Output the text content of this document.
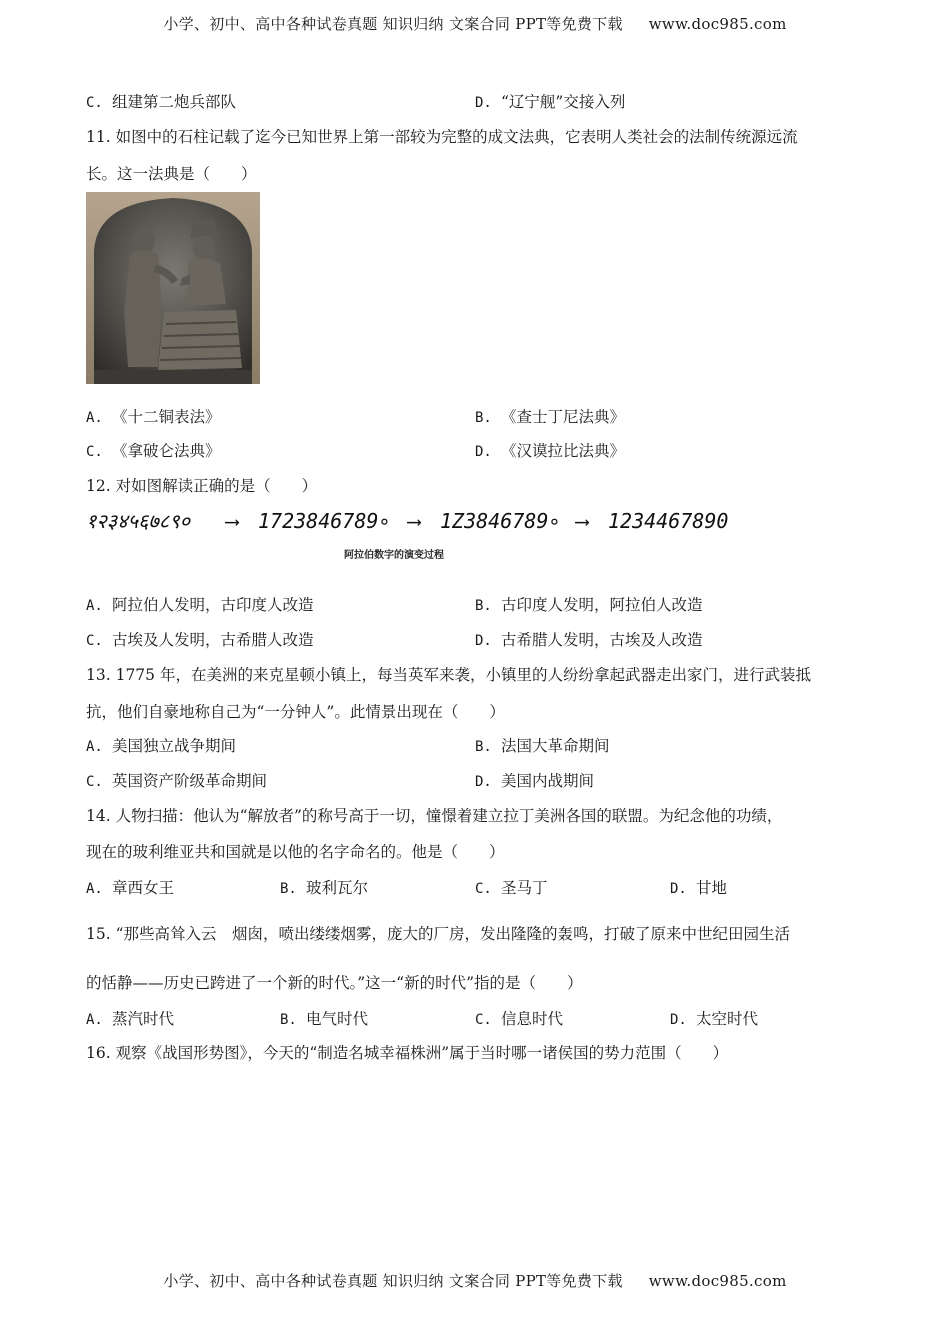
小学、初中、高中各种试卷真题 知识归纳 文案合同 PPT等免费下载 www.doc985.com
C. 组建第二炮兵部队	D. “辽宁舰”交接入列
11. 如图中的石柱记载了迄今已知世界上第一部较为完整的成文法典，它表明人类社会的法制传统源远流
长。这一法典是（　　）
A. 《十二铜表法》	B. 《查士丁尼法典》
C. 《拿破仑法典》	D. 《汉谟拉比法典》
12. 对如图解读正确的是（　　）
१२३४५६७८९० ⟶ 1723846789∘ ⟶ 1Z3846789∘ ⟶ 1234467890
阿拉伯数字的演变过程
A. 阿拉伯人发明，古印度人改造	B. 古印度人发明，阿拉伯人改造
C. 古埃及人发明，古希腊人改造	D. 古希腊人发明，古埃及人改造
13. 1775 年，在美洲的来克星顿小镇上，每当英军来袭，小镇里的人纷纷拿起武器走出家门，进行武装抵
抗，他们自豪地称自己为“一分钟人”。此情景出现在（　　）
A. 美国独立战争期间	B. 法国大革命期间
C. 英国资产阶级革命期间	D. 美国内战期间
14. 人物扫描：他认为“解放者”的称号高于一切，憧憬着建立拉丁美洲各国的联盟。为纪念他的功绩，
现在的玻利维亚共和国就是以他的名字命名的。他是（　　）
A. 章西女王	B. 玻利瓦尔	C. 圣马丁	D. 甘地
15. “那些高耸入云　烟囱，喷出缕缕烟雾，庞大的厂房，发出隆隆的轰鸣，打破了原来中世纪田园生活
的恬静——历史已跨进了一个新的时代。”这一“新的时代”指的是（　　）
A. 蒸汽时代	B. 电气时代	C. 信息时代	D. 太空时代
16. 观察《战国形势图》，今天的“制造名城幸福株洲”属于当时哪一诸侯国的势力范围（　　）
小学、初中、高中各种试卷真题 知识归纳 文案合同 PPT等免费下载 www.doc985.com
